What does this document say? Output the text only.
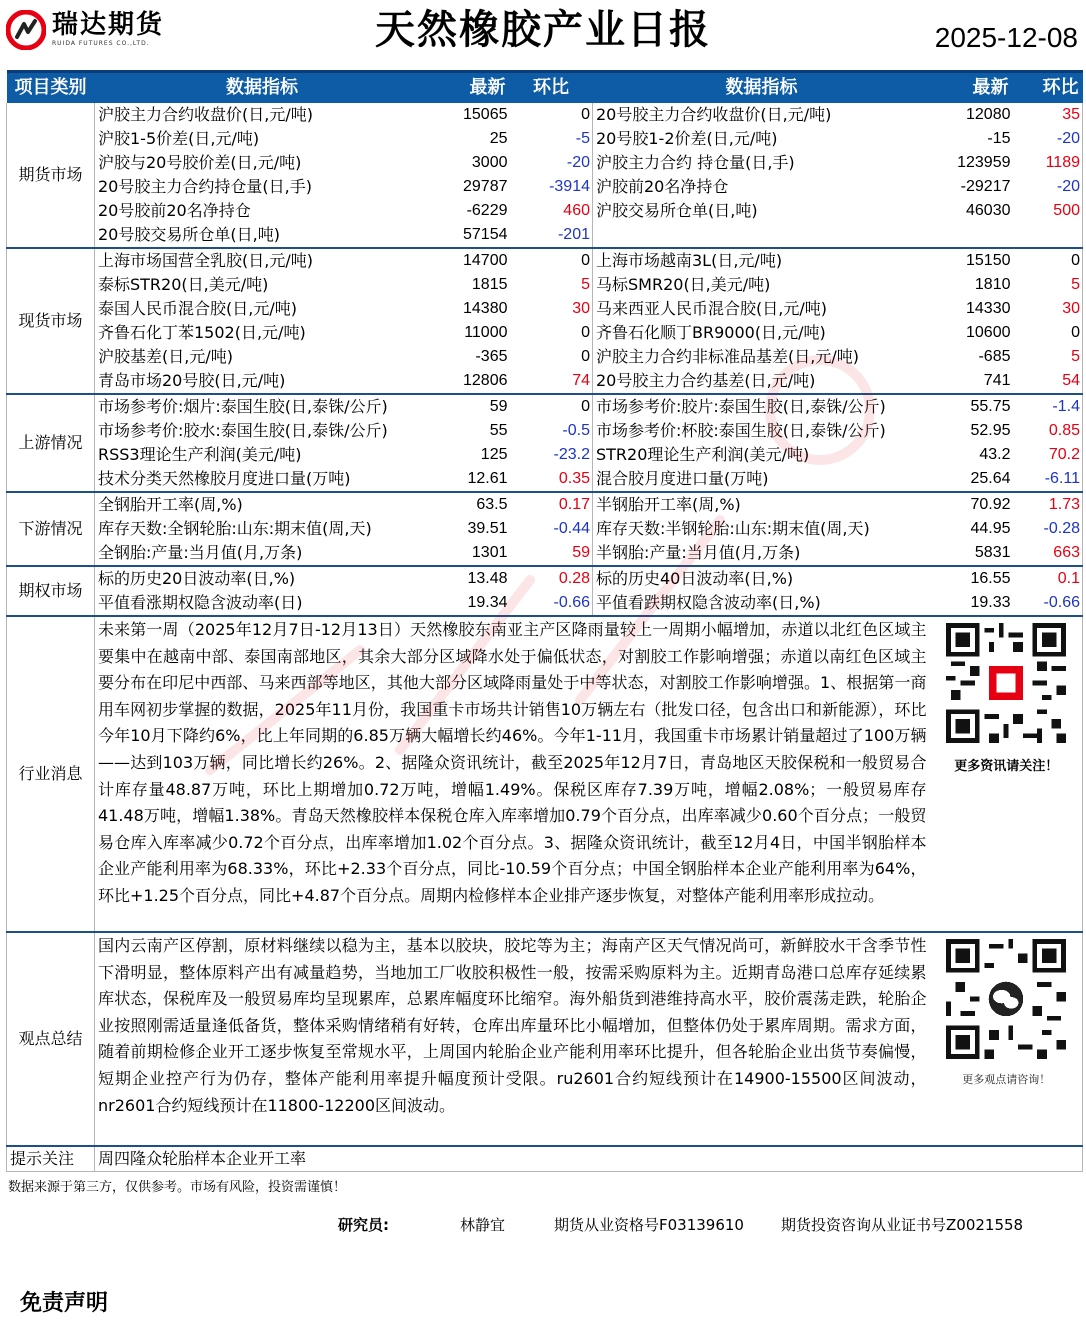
瑞达期货
RUIDA FUTURES CO.,LTD.	天然橡胶产业日报	2025-12-08
项目类别	数据指标	最新	环比	数据指标	最新	环比
期货市场	沪胶主力合约收盘价(日,元/吨)	15065	0	20号胶主力合约收盘价(日,元/吨)	12080	35
	沪胶1-5价差(日,元/吨)	25	-5	20号胶1-2价差(日,元/吨)	-15	-20
	沪胶与20号胶价差(日,元/吨)	3000	-20	沪胶主力合约 持仓量(日,手)	123959	1189
	20号胶主力合约持仓量(日,手)	29787	-3914	沪胶前20名净持仓	-29217	-20
	20号胶前20名净持仓	-6229	460	沪胶交易所仓单(日,吨)	46030	500
	20号胶交易所仓单(日,吨)	57154	-201			
现货市场	上海市场国营全乳胶(日,元/吨)	14700	0	上海市场越南3L(日,元/吨)	15150	0
	泰标STR20(日,美元/吨)	1815	5	马标SMR20(日,美元/吨)	1810	5
	泰国人民币混合胶(日,元/吨)	14380	30	马来西亚人民币混合胶(日,元/吨)	14330	30
	齐鲁石化丁苯1502(日,元/吨)	11000	0	齐鲁石化顺丁BR9000(日,元/吨)	10600	0
	沪胶基差(日,元/吨)	-365	0	沪胶主力合约非标准品基差(日,元/吨)	-685	5
	青岛市场20号胶(日,元/吨)	12806	74	20号胶主力合约基差(日,元/吨)	741	54
上游情况	市场参考价:烟片:泰国生胶(日,泰铢/公斤)	59	0	市场参考价:胶片:泰国生胶(日,泰铢/公斤)	55.75	-1.4
	市场参考价:胶水:泰国生胶(日,泰铢/公斤)	55	-0.5	市场参考价:杯胶:泰国生胶(日,泰铢/公斤)	52.95	0.85
	RSS3理论生产利润(美元/吨)	125	-23.2	STR20理论生产利润(美元/吨)	43.2	70.2
	技术分类天然橡胶月度进口量(万吨)	12.61	0.35	混合胶月度进口量(万吨)	25.64	-6.11
下游情况	全钢胎开工率(周,%)	63.5	0.17	半钢胎开工率(周,%)	70.92	1.73
	库存天数:全钢轮胎:山东:期末值(周,天)	39.51	-0.44	库存天数:半钢轮胎:山东:期末值(周,天)	44.95	-0.28
	全钢胎:产量:当月值(月,万条)	1301	59	半钢胎:产量:当月值(月,万条)	5831	663
期权市场	标的历史20日波动率(日,%)	13.48	0.28	标的历史40日波动率(日,%)	16.55	0.1
	平值看涨期权隐含波动率(日)	19.34	-0.66	平值看跌期权隐含波动率(日,%)	19.33	-0.66
行业消息	未来第一周（2025年12月7日-12月13日）天然橡胶东南亚主产区降雨量较上一周期小幅增加，赤道以北红色区域主要集中在越南中部、泰国南部地区，其余大部分区域降水处于偏低状态，对割胶工作影响增强；赤道以南红色区域主要分布在印尼中西部、马来西部等地区，其他大部分区域降雨量处于中等状态，对割胶工作影响增强。1、根据第一商用车网初步掌握的数据，2025年11月份，我国重卡市场共计销售10万辆左右（批发口径，包含出口和新能源），环比今年10月下降约6%，比上年同期的6.85万辆大幅增长约46%。今年1-11月，我国重卡市场累计销量超过了100万辆——达到103万辆，同比增长约26%。2、据隆众资讯统计，截至2025年12月7日，青岛地区天胶保税和一般贸易合计库存量48.87万吨，环比上期增加0.72万吨，增幅1.49%。保税区库存7.39万吨，增幅2.08%；一般贸易库存41.48万吨，增幅1.38%。青岛天然橡胶样本保税仓库入库率增加0.79个百分点，出库率减少0.60个百分点；一般贸易仓库入库率减少0.72个百分点，出库率增加1.02个百分点。3、据隆众资讯统计，截至12月4日，中国半钢胎样本企业产能利用率为68.33%，环比+2.33个百分点，同比-10.59个百分点；中国全钢胎样本企业产能利用率为64%，环比+1.25个百分点，同比+4.87个百分点。周期内检修样本企业排产逐步恢复，对整体产能利用率形成拉动。				更多资讯请关注！	

观点总结	国内云南产区停割，原材料继续以稳为主，基本以胶块，胶坨等为主；海南产区天气情况尚可，新鲜胶水干含季节性下滑明显，整体原料产出有减量趋势，当地加工厂收胶积极性一般，按需采购原料为主。近期青岛港口总库存延续累库状态，保税库及一般贸易库均呈现累库，总累库幅度环比缩窄。海外船货到港维持高水平，胶价震荡走跌，轮胎企业按照刚需适量逢低备货，整体采购情绪稍有好转，仓库出库量环比小幅增加，但整体仍处于累库周期。需求方面，随着前期检修企业开工逐步恢复至常规水平，上周国内轮胎企业产能利用率环比提升，但各轮胎企业出货节奏偏慢，短期企业控产行为仍存，整体产能利用率提升幅度预计受限。ru2601合约短线预计在14900-15500区间波动，nr2601合约短线预计在11800-12200区间波动。				更多观点请咨询！	

提示关注	周四隆众轮胎样本企业开工率					
数据来源于第三方，仅供参考。市场有风险，投资需谨慎！
研究员:	林静宜	期货从业资格号F03139610 期货投资咨询从业证书号Z0021558
免责声明
